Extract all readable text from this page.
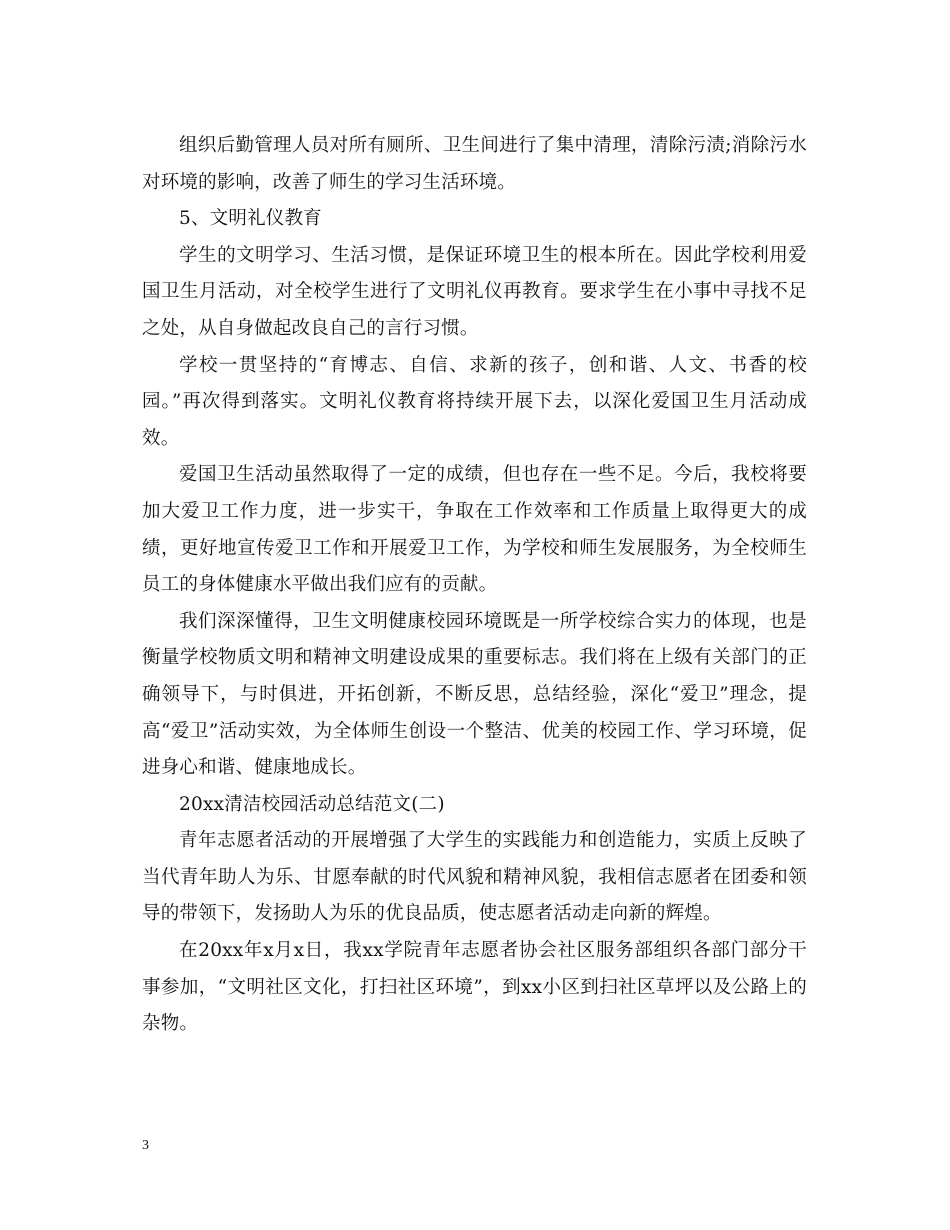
组织后勤管理人员对所有厕所、卫生间进行了集中清理，清除污渍;消除污水对环境的影响，改善了师生的学习生活环境。

5、文明礼仪教育

学生的文明学习、生活习惯，是保证环境卫生的根本所在。因此学校利用爱国卫生月活动，对全校学生进行了文明礼仪再教育。要求学生在小事中寻找不足之处，从自身做起改良自己的言行习惯。

学校一贯坚持的“育博志、自信、求新的孩子，创和谐、人文、书香的校园。”再次得到落实。文明礼仪教育将持续开展下去，以深化爱国卫生月活动成效。

爱国卫生活动虽然取得了一定的成绩，但也存在一些不足。今后，我校将要加大爱卫工作力度，进一步实干，争取在工作效率和工作质量上取得更大的成绩，更好地宣传爱卫工作和开展爱卫工作，为学校和师生发展服务，为全校师生员工的身体健康水平做出我们应有的贡献。

我们深深懂得，卫生文明健康校园环境既是一所学校综合实力的体现，也是衡量学校物质文明和精神文明建设成果的重要标志。我们将在上级有关部门的正确领导下，与时俱进，开拓创新，不断反思，总结经验，深化“爱卫”理念，提高“爱卫”活动实效，为全体师生创设一个整洁、优美的校园工作、学习环境，促进身心和谐、健康地成长。

20xx清洁校园活动总结范文(二)

青年志愿者活动的开展增强了大学生的实践能力和创造能力，实质上反映了当代青年助人为乐、甘愿奉献的时代风貌和精神风貌，我相信志愿者在团委和领导的带领下，发扬助人为乐的优良品质，使志愿者活动走向新的辉煌。

在20xx年x月x日，我xx学院青年志愿者协会社区服务部组织各部门部分干事参加，“文明社区文化，打扫社区环境”，到xx小区到扫社区草坪以及公路上的杂物。

3
